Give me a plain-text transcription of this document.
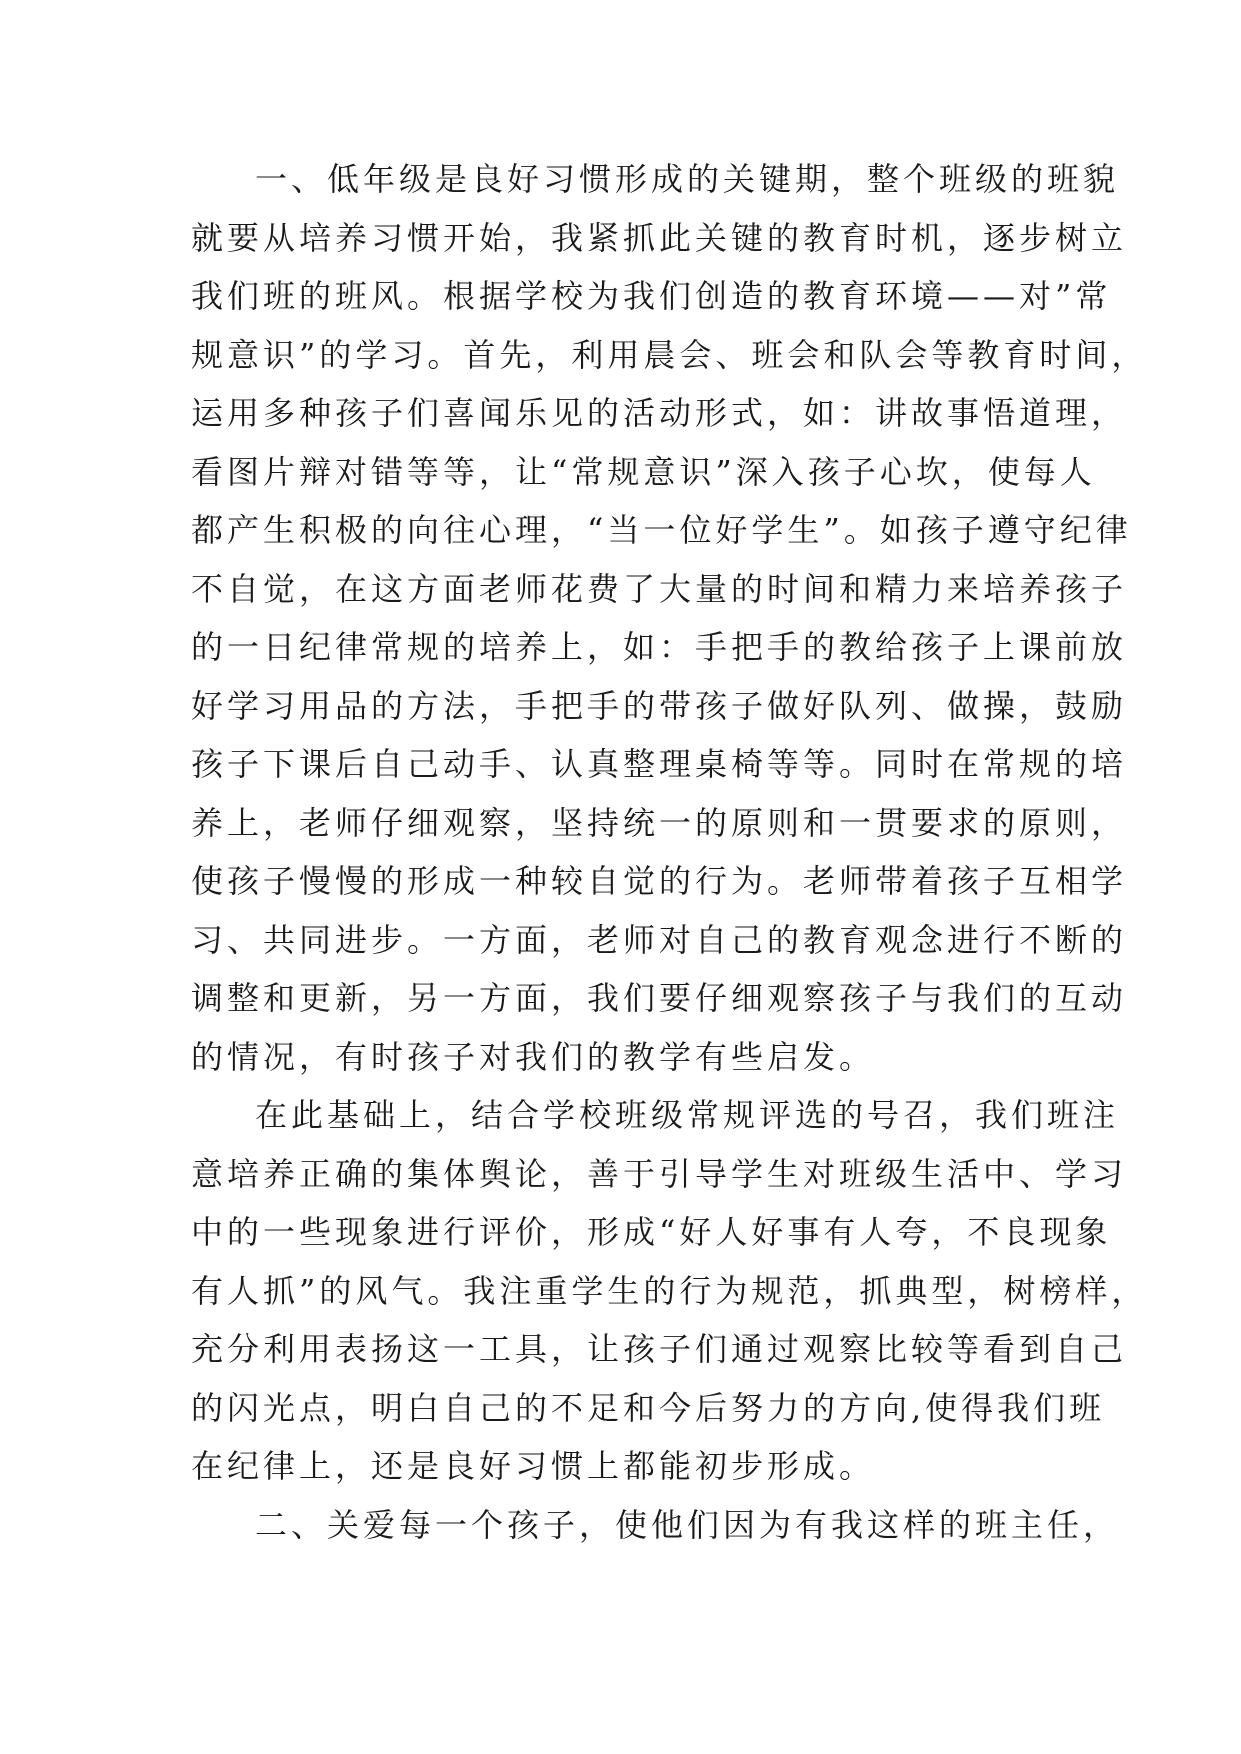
一、低年级是良好习惯形成的关键期，整个班级的班貌
就要从培养习惯开始，我紧抓此关键的教育时机，逐步树立
我们班的班风。根据学校为我们创造的教育环境——对”常
规意识”的学习。首先，利用晨会、班会和队会等教育时间，
运用多种孩子们喜闻乐见的活动形式，如：讲故事悟道理，
看图片辩对错等等，让“常规意识”深入孩子心坎，使每人
都产生积极的向往心理，“当一位好学生”。如孩子遵守纪律
不自觉，在这方面老师花费了大量的时间和精力来培养孩子
的一日纪律常规的培养上，如：手把手的教给孩子上课前放
好学习用品的方法，手把手的带孩子做好队列、做操，鼓励
孩子下课后自己动手、认真整理桌椅等等。同时在常规的培
养上，老师仔细观察，坚持统一的原则和一贯要求的原则，
使孩子慢慢的形成一种较自觉的行为。老师带着孩子互相学
习、共同进步。一方面，老师对自己的教育观念进行不断的
调整和更新，另一方面，我们要仔细观察孩子与我们的互动
的情况，有时孩子对我们的教学有些启发。
在此基础上，结合学校班级常规评选的号召，我们班注
意培养正确的集体舆论，善于引导学生对班级生活中、学习
中的一些现象进行评价，形成“好人好事有人夸，不良现象
有人抓”的风气。我注重学生的行为规范，抓典型，树榜样，
充分利用表扬这一工具，让孩子们通过观察比较等看到自己
的闪光点，明白自己的不足和今后努力的方向,使得我们班
在纪律上，还是良好习惯上都能初步形成。
二、关爱每一个孩子，使他们因为有我这样的班主任，
